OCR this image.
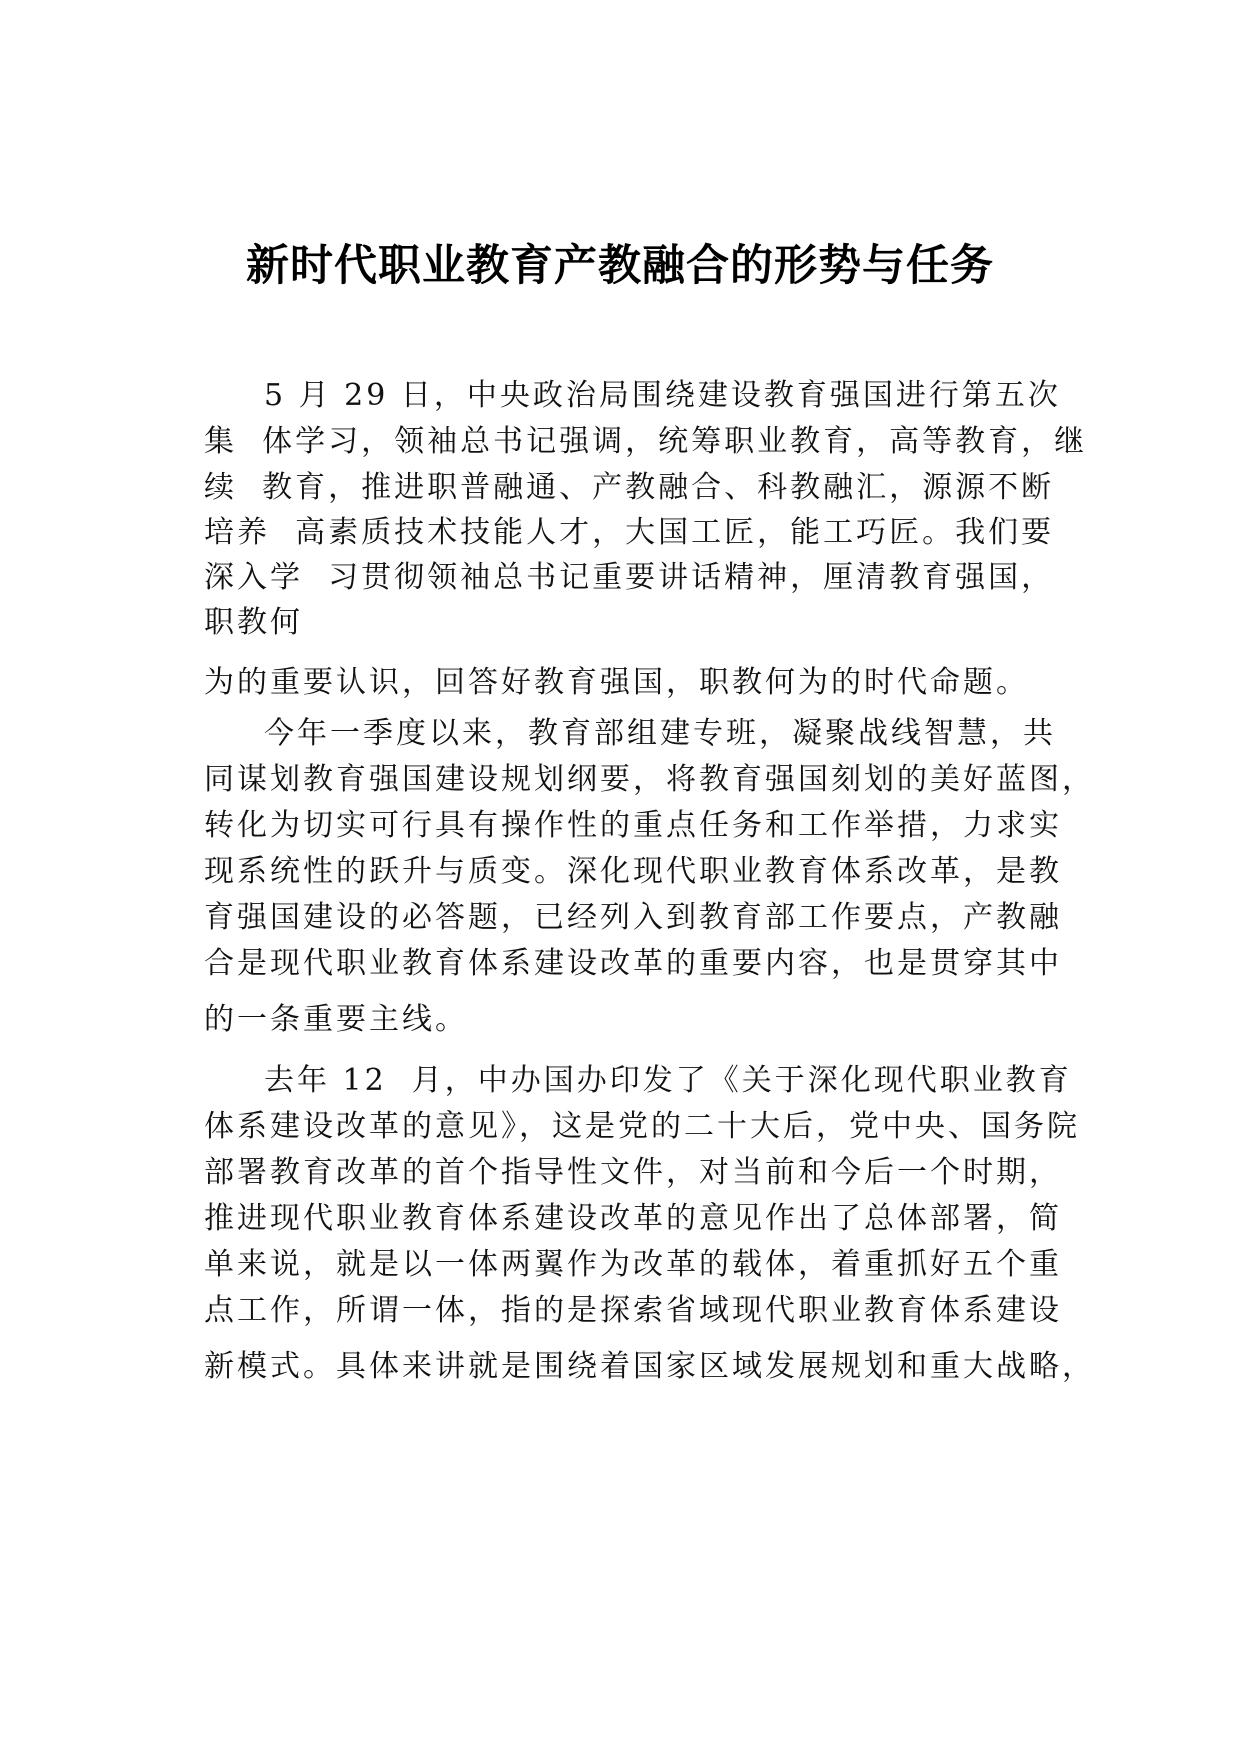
新时代职业教育产教融合的形势与任务
5 月 29 日，中央政治局围绕建设教育强国进行第五次
集  体学习，领袖总书记强调，统筹职业教育，高等教育，继
续  教育，推进职普融通、产教融合、科教融汇，源源不断
培养  高素质技术技能人才，大国工匠，能工巧匠。我们要
深入学  习贯彻领袖总书记重要讲话精神，厘清教育强国，
职教何
为的重要认识，回答好教育强国，职教何为的时代命题。
今年一季度以来，教育部组建专班，凝聚战线智慧，共
同谋划教育强国建设规划纲要，将教育强国刻划的美好蓝图，
转化为切实可行具有操作性的重点任务和工作举措，力求实
现系统性的跃升与质变。深化现代职业教育体系改革，是教
育强国建设的必答题，已经列入到教育部工作要点，产教融
合是现代职业教育体系建设改革的重要内容，也是贯穿其中
的一条重要主线。
去年 12  月，中办国办印发了《关于深化现代职业教育
体系建设改革的意见》，这是党的二十大后，党中央、国务院
部署教育改革的首个指导性文件，对当前和今后一个时期，
推进现代职业教育体系建设改革的意见作出了总体部署，简
单来说，就是以一体两翼作为改革的载体，着重抓好五个重
点工作，所谓一体，指的是探索省域现代职业教育体系建设
新模式。具体来讲就是围绕着国家区域发展规划和重大战略，
